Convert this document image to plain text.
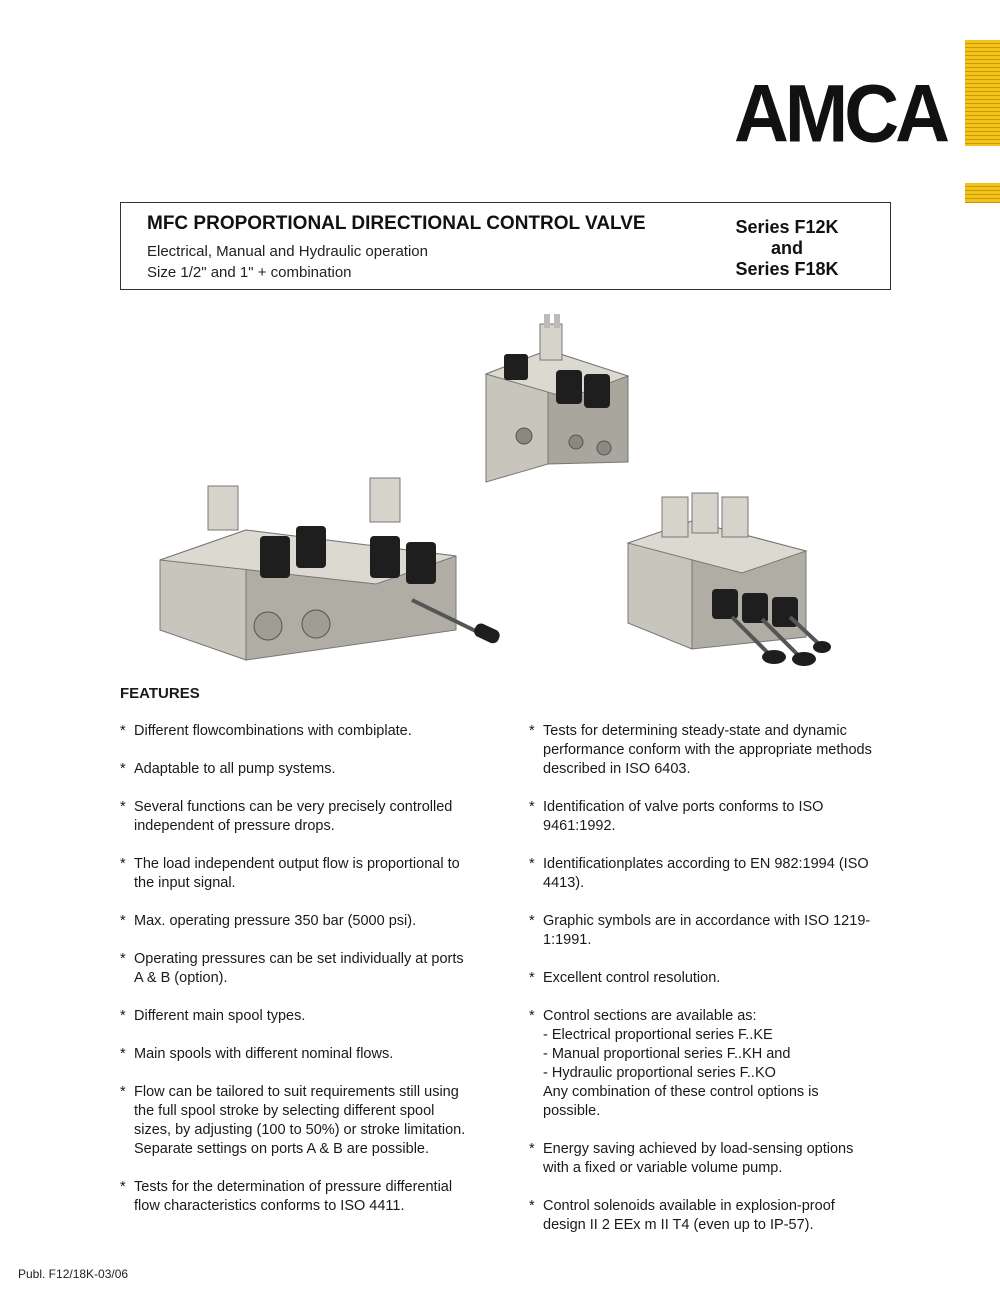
AMCA
MFC PROPORTIONAL DIRECTIONAL CONTROL VALVE
Electrical, Manual and Hydraulic operation
Size 1/2" and 1" + combination
Series F12K
and
Series F18K
FEATURES
* Different flowcombinations with combiplate.
* Adaptable to all pump systems.
* Several functions can be very precisely controlled
independent of pressure drops.
* The load independent output flow is proportional to
the input signal.
* Max. operating pressure 350 bar (5000 psi).
* Operating pressures can be set individually at ports
A & B (option).
* Different main spool types.
* Main spools with different nominal flows.
* Flow can be tailored to suit requirements still using
the full spool stroke by selecting different spool
sizes, by adjusting (100 to 50%) or stroke limitation.
Separate settings on ports A & B are possible.
* Tests for the determination of pressure differential
flow characteristics conforms to ISO 4411.
* Tests for determining steady-state and dynamic
performance conform with the appropriate methods
described in ISO 6403.
* Identification of valve ports conforms to ISO
9461:1992.
* Identificationplates according to EN 982:1994 (ISO
4413).
* Graphic symbols are in accordance with ISO 1219-
1:1991.
* Excellent control resolution.
* Control sections are available as:
- Electrical proportional series F..KE
- Manual proportional series F..KH and
- Hydraulic proportional series F..KO
Any combination of these control options is
possible.
* Energy saving achieved by load-sensing options
with a fixed or variable volume pump.
* Control solenoids available in explosion-proof
design II 2 EEx m II T4 (even up to IP-57).
Publ. F12/18K-03/06
